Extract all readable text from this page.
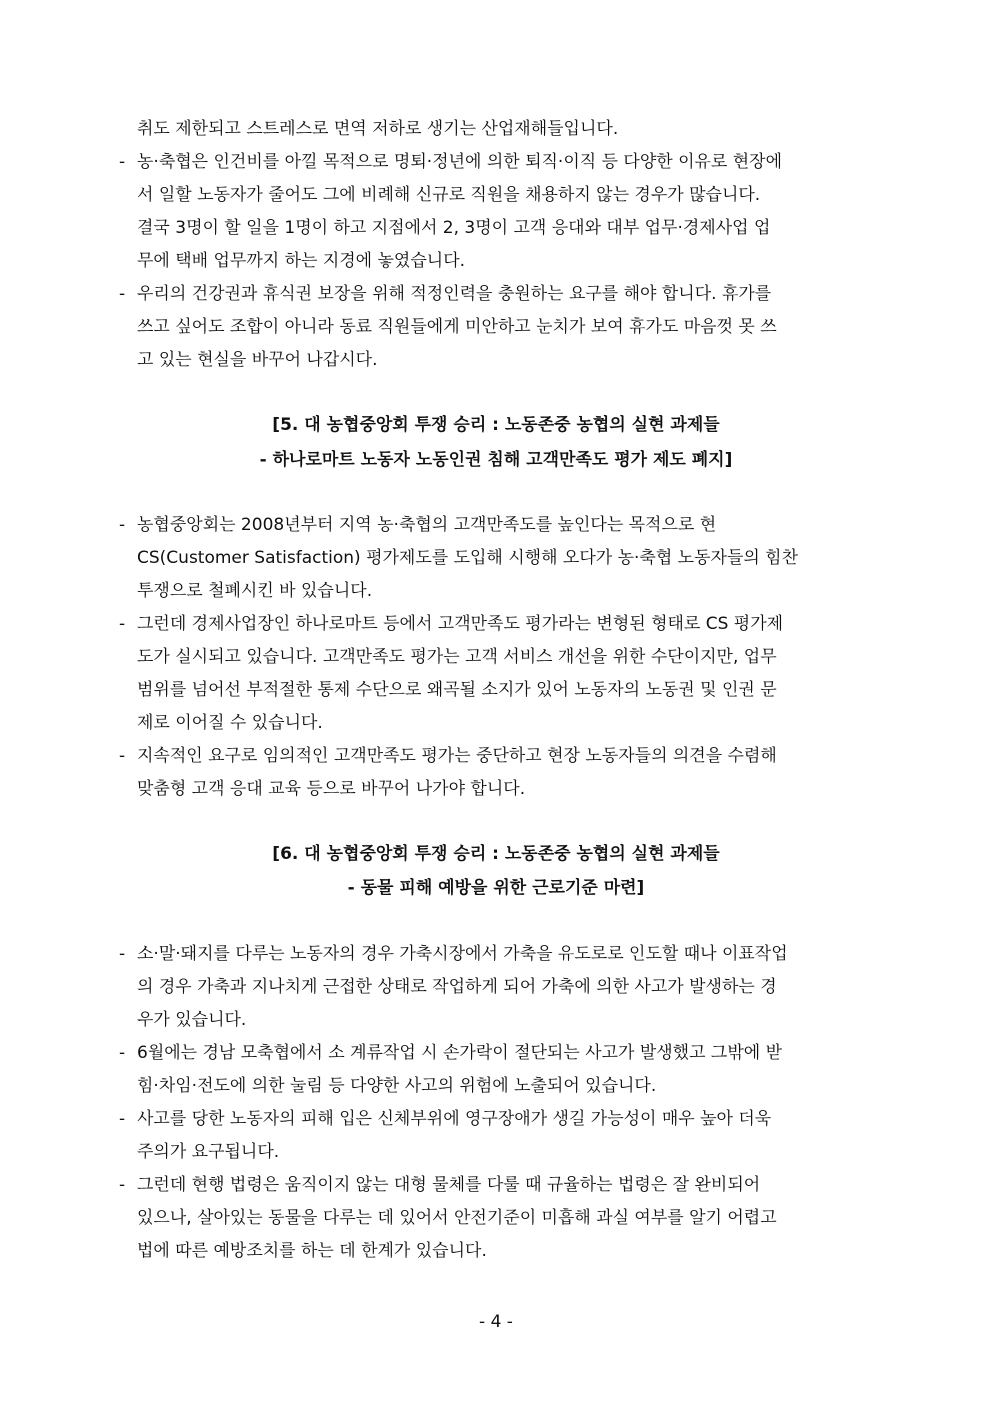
취도 제한되고 스트레스로 면역 저하로 생기는 산업재해들입니다.
- 농·축협은 인건비를 아낄 목적으로 명퇴·정년에 의한 퇴직·이직 등 다양한 이유로 현장에
서 일할 노동자가 줄어도 그에 비례해 신규로 직원을 채용하지 않는 경우가 많습니다.
결국 3명이 할 일을 1명이 하고 지점에서 2, 3명이 고객 응대와 대부 업무·경제사업 업
무에 택배 업무까지 하는 지경에 놓였습니다.
- 우리의 건강권과 휴식권 보장을 위해 적정인력을 충원하는 요구를 해야 합니다. 휴가를
쓰고 싶어도 조합이 아니라 동료 직원들에게 미안하고 눈치가 보여 휴가도 마음껏 못 쓰
고 있는 현실을 바꾸어 나갑시다.
[5. 대 농협중앙회 투쟁 승리 : 노동존중 농협의 실현 과제들
- 하나로마트 노동자 노동인권 침해 고객만족도 평가 제도 폐지]
- 농협중앙회는 2008년부터 지역 농·축협의 고객만족도를 높인다는 목적으로 현
CS(Customer Satisfaction) 평가제도를 도입해 시행해 오다가 농·축협 노동자들의 힘찬
투쟁으로 철폐시킨 바 있습니다.
- 그런데 경제사업장인 하나로마트 등에서 고객만족도 평가라는 변형된 형태로 CS 평가제
도가 실시되고 있습니다. 고객만족도 평가는 고객 서비스 개선을 위한 수단이지만, 업무
범위를 넘어선 부적절한 통제 수단으로 왜곡될 소지가 있어 노동자의 노동권 및 인권 문
제로 이어질 수 있습니다.
- 지속적인 요구로 임의적인 고객만족도 평가는 중단하고 현장 노동자들의 의견을 수렴해
맞춤형 고객 응대 교육 등으로 바꾸어 나가야 합니다.
[6. 대 농협중앙회 투쟁 승리 : 노동존중 농협의 실현 과제들
- 동물 피해 예방을 위한 근로기준 마련]
- 소·말·돼지를 다루는 노동자의 경우 가축시장에서 가축을 유도로로 인도할 때나 이표작업
의 경우 가축과 지나치게 근접한 상태로 작업하게 되어 가축에 의한 사고가 발생하는 경
우가 있습니다.
- 6월에는 경남 모축협에서 소 계류작업 시 손가락이 절단되는 사고가 발생했고 그밖에 받
힘·차임·전도에 의한 눌림 등 다양한 사고의 위험에 노출되어 있습니다.
- 사고를 당한 노동자의 피해 입은 신체부위에 영구장애가 생길 가능성이 매우 높아 더욱
주의가 요구됩니다.
- 그런데 현행 법령은 움직이지 않는 대형 물체를 다룰 때 규율하는 법령은 잘 완비되어
있으나, 살아있는 동물을 다루는 데 있어서 안전기준이 미흡해 과실 여부를 알기 어렵고
법에 따른 예방조치를 하는 데 한계가 있습니다.
- 4 -
